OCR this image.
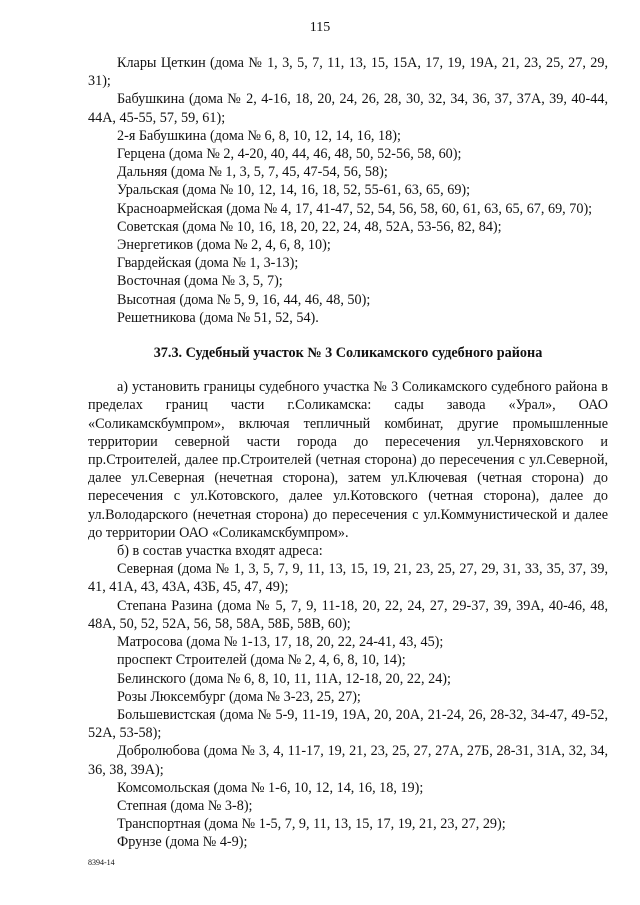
115
Клары Цеткин (дома № 1, 3, 5, 7, 11, 13, 15, 15А, 17, 19, 19А, 21, 23, 25, 27, 29, 31);
Бабушкина (дома № 2, 4-16, 18, 20, 24, 26, 28, 30, 32, 34, 36, 37, 37А, 39, 40-44, 44А, 45-55, 57, 59, 61);
2-я Бабушкина (дома № 6, 8, 10, 12, 14, 16, 18);
Герцена (дома № 2, 4-20, 40, 44, 46, 48, 50, 52-56, 58, 60);
Дальняя (дома № 1, 3, 5, 7, 45, 47-54, 56, 58);
Уральская (дома № 10, 12, 14, 16, 18, 52, 55-61, 63, 65, 69);
Красноармейская (дома № 4, 17, 41-47, 52, 54, 56, 58, 60, 61, 63, 65, 67, 69, 70);
Советская (дома № 10, 16, 18, 20, 22, 24, 48, 52А, 53-56, 82, 84);
Энергетиков (дома № 2, 4, 6, 8, 10);
Гвардейская (дома № 1, 3-13);
Восточная (дома № 3, 5, 7);
Высотная (дома № 5, 9, 16, 44, 46, 48, 50);
Решетникова (дома № 51, 52, 54).
37.3. Судебный участок № 3 Соликамского судебного района
а) установить границы судебного участка № 3 Соликамского судебного района в пределах границ части г.Соликамска: сады завода «Урал», ОАО «Соликамскбумпром», включая тепличный комбинат, другие промышленные территории северной части города до пересечения ул.Черняховского и пр.Строителей, далее пр.Строителей (четная сторона) до пересечения с ул.Северной, далее ул.Северная (нечетная сторона), затем ул.Ключевая (четная сторона) до пересечения с ул.Котовского, далее ул.Котовского (четная сторона), далее до ул.Володарского (нечетная сторона) до пересечения с ул.Коммунистической и далее до территории ОАО «Соликамскбумпром».
б) в состав участка входят адреса:
Северная (дома № 1, 3, 5, 7, 9, 11, 13, 15, 19, 21, 23, 25, 27, 29, 31, 33, 35, 37, 39, 41, 41А, 43, 43А, 43Б, 45, 47, 49);
Степана Разина (дома № 5, 7, 9, 11-18, 20, 22, 24, 27, 29-37, 39, 39А, 40-46, 48, 48А, 50, 52, 52А, 56, 58, 58А, 58Б, 58В, 60);
Матросова (дома № 1-13, 17, 18, 20, 22, 24-41, 43, 45);
проспект Строителей (дома № 2, 4, 6, 8, 10, 14);
Белинского (дома № 6, 8, 10, 11, 11А, 12-18, 20, 22, 24);
Розы Люксембург (дома № 3-23, 25, 27);
Большевистская (дома № 5-9, 11-19, 19А, 20, 20А, 21-24, 26, 28-32, 34-47, 49-52, 52А, 53-58);
Добролюбова (дома № 3, 4, 11-17, 19, 21, 23, 25, 27, 27А, 27Б, 28-31, 31А, 32, 34, 36, 38, 39А);
Комсомольская (дома № 1-6, 10, 12, 14, 16, 18, 19);
Степная (дома № 3-8);
Транспортная (дома № 1-5, 7, 9, 11, 13, 15, 17, 19, 21, 23, 27, 29);
Фрунзе (дома № 4-9);
8394-14
